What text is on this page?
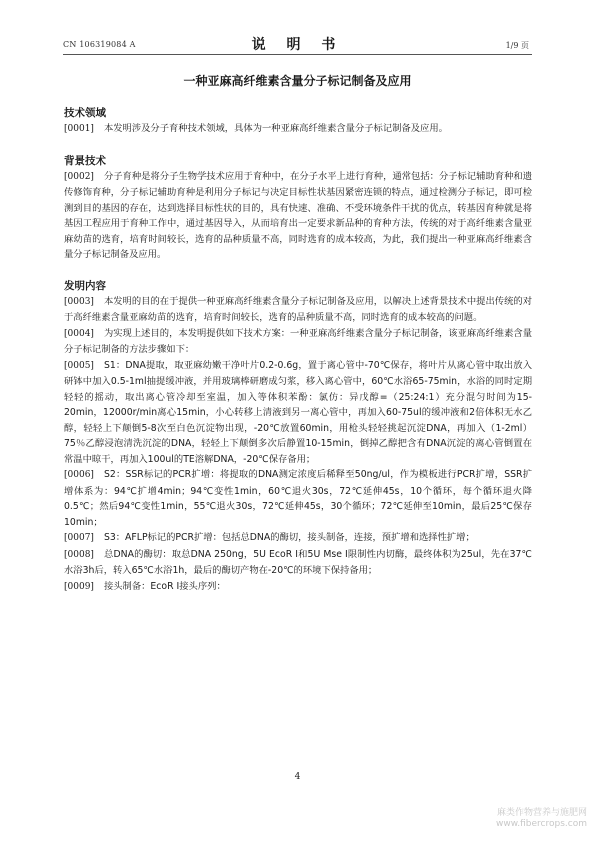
CN 106319084 A	说 明 书	1/9 页
一种亚麻高纤维素含量分子标记制备及应用

技术领域

[0001] 本发明涉及分子育种技术领域，具体为一种亚麻高纤维素含量分子标记制备及应用。

背景技术

[0002] 分子育种是将分子生物学技术应用于育种中，在分子水平上进行育种，通常包括：分子标记辅助育种和遗传修饰育种，分子标记辅助育种是利用分子标记与决定目标性状基因紧密连锁的特点，通过检测分子标记，即可检测到目的基因的存在，达到选择目标性状的目的，具有快速、准确、不受环境条件干扰的优点，转基因育种就是将基因工程应用于育种工作中，通过基因导入，从而培育出一定要求新品种的育种方法，传统的对于高纤维素含量亚麻幼苗的选育，培育时间较长，选育的品种质量不高，同时选育的成本较高，为此，我们提出一种亚麻高纤维素含量分子标记制备及应用。

发明内容

[0003] 本发明的目的在于提供一种亚麻高纤维素含量分子标记制备及应用，以解决上述背景技术中提出传统的对于高纤维素含量亚麻幼苗的选育，培育时间较长，选育的品种质量不高，同时选育的成本较高的问题。

[0004] 为实现上述目的，本发明提供如下技术方案：一种亚麻高纤维素含量分子标记制备，该亚麻高纤维素含量分子标记制备的方法步骤如下：

[0005] S1：DNA提取，取亚麻幼嫩干净叶片0.2-0.6g，置于离心管中-70℃保存，将叶片从离心管中取出放入研钵中加入0.5-1ml抽提缓冲液，并用玻璃棒研磨成匀浆，移入离心管中，60℃水浴65-75min，水浴的同时定期轻轻的摇动，取出离心管冷却至室温，加入等体积苯酚：氯仿：异戊醇=（25:24:1）充分混匀时间为15-20min，12000r/min离心15min，小心转移上清液到另一离心管中，再加入60-75ul的缓冲液和2倍体积无水乙醇，轻轻上下颠倒5-8次至白色沉淀物出现，-20℃放置60min，用枪头轻轻挑起沉淀DNA，再加入（1-2ml）75％乙醇浸泡清洗沉淀的DNA，轻轻上下颠倒多次后静置10-15min，倒掉乙醇把含有DNA沉淀的离心管倒置在常温中晾干，再加入100ul的TE溶解DNA，-20℃保存备用；

[0006] S2：SSR标记的PCR扩增：将提取的DNA测定浓度后稀释至50ng/ul，作为模板进行PCR扩增，SSR扩增体系为：94℃扩增4min；94℃变性1min，60℃退火30s，72℃延伸45s，10个循环，每个循环退火降0.5℃；然后94℃变性1min，55℃退火30s，72℃延伸45s，30个循环；72℃延伸至10min，最后25℃保存10min；

[0007] S3：AFLP标记的PCR扩增：包括总DNA的酶切，接头制备，连接，预扩增和选择性扩增；

[0008] 总DNA的酶切：取总DNA 250ng，5U EcoR Ⅰ和5U Mse Ⅰ限制性内切酶，最终体积为25ul，先在37℃水浴3h后，转入65℃水浴1h，最后的酶切产物在-20℃的环境下保持备用；

[0009] 接头制备：EcoR Ⅰ接头序列：

4
麻类作物营养与施肥网
www.fibercrops.com
